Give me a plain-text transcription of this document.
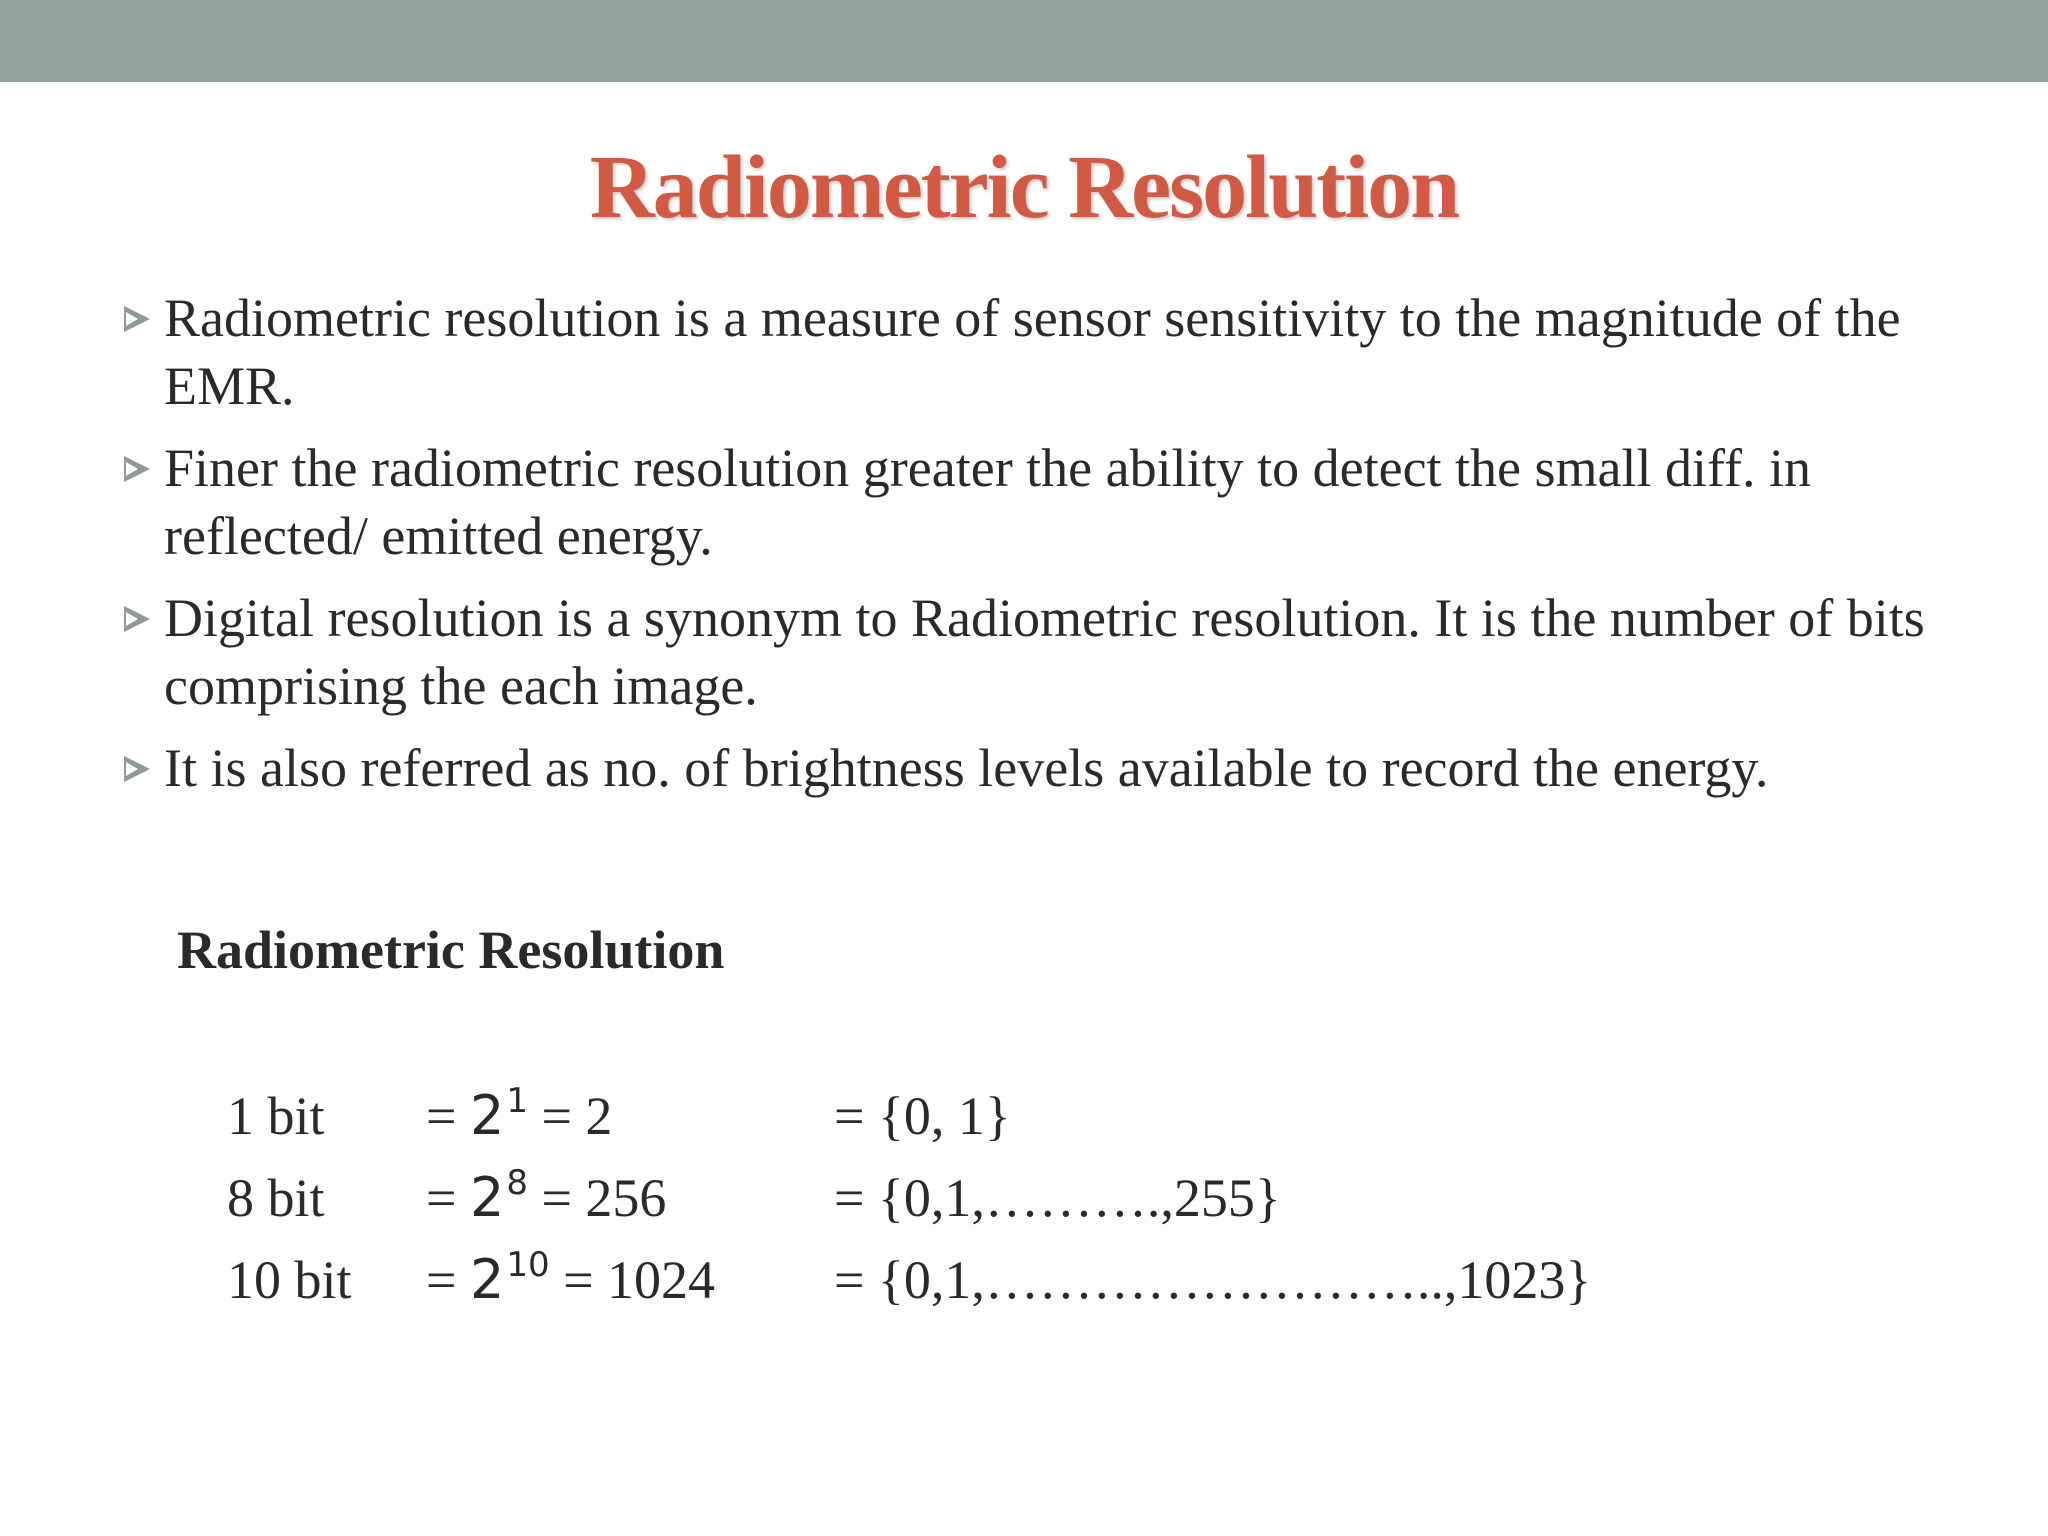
Radiometric Resolution
Radiometric resolution is a measure of sensor sensitivity to the magnitude of the EMR.
Finer the radiometric resolution greater the ability to detect the small diff. in reflected/ emitted energy.
Digital resolution is a synonym to Radiometric resolution. It is the number of bits comprising the each image.
It is also referred as no. of brightness levels available to record the energy.
Radiometric Resolution
1 bit = $2^1 = 2$	= {0, 1}
8 bit = $2^8 = 256$	= {0,1,……….,255}
10 bit = $2^{10} = 1024$ = {0,1,……………………..,1023}
